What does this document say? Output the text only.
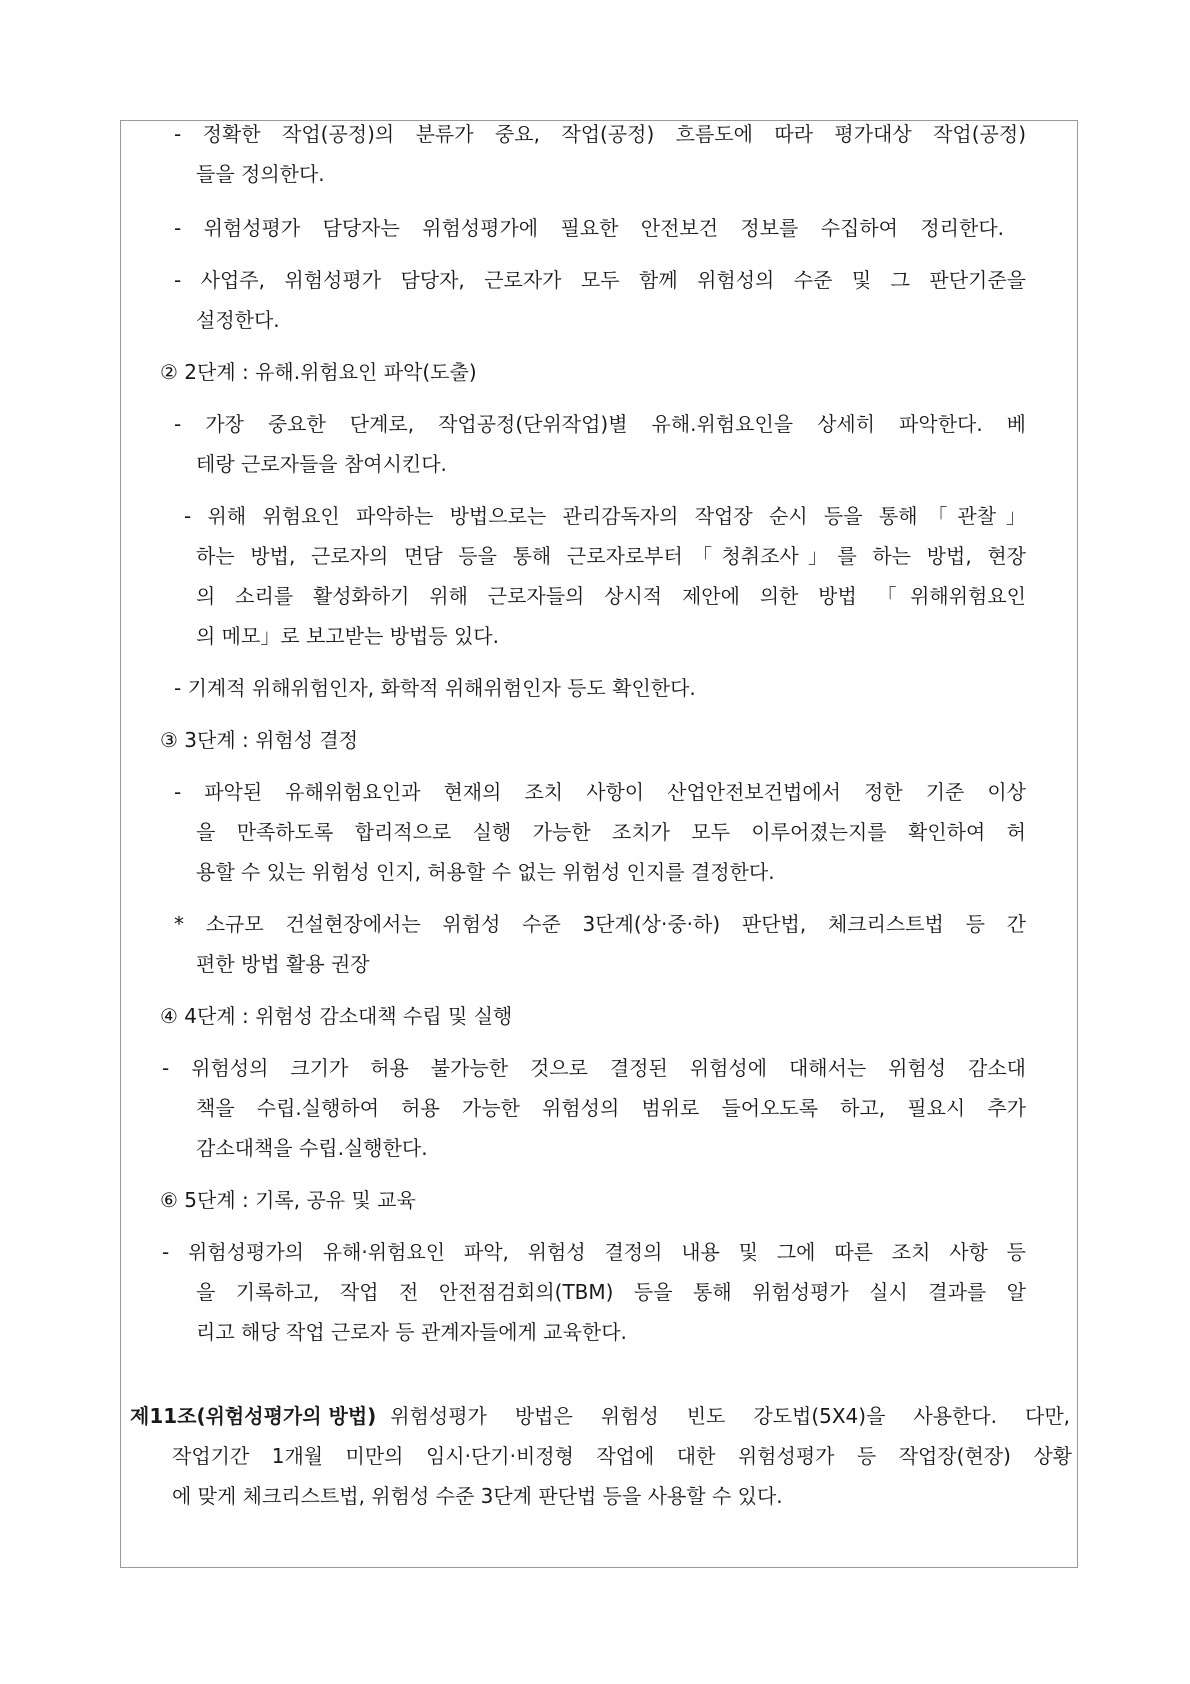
- 정확한 작업(공정)의 분류가 중요, 작업(공정) 흐름도에 따라 평가대상 작업(공정)
들을 정의한다.
- 위험성평가 담당자는 위험성평가에 필요한 안전보건 정보를 수집하여 정리한다.
- 사업주, 위험성평가 담당자, 근로자가 모두 함께 위험성의 수준 및 그 판단기준을
설정한다.
② 2단계 : 유해.위험요인 파악(도출)
- 가장 중요한 단계로, 작업공정(단위작업)별 유해.위험요인을 상세히 파악한다. 베
테랑 근로자들을 참여시킨다.
- 위해 위험요인 파악하는 방법으로는 관리감독자의 작업장 순시 등을 통해「관찰」
하는 방법, 근로자의 면담 등을 통해 근로자로부터「청취조사」를 하는 방법, 현장
의 소리를 활성화하기 위해 근로자들의 상시적 제안에 의한 방법 「위해위험요인
의 메모」로 보고받는 방법등 있다.
- 기계적 위해위험인자, 화학적 위해위험인자 등도 확인한다.
③ 3단계 : 위험성 결정
- 파악된 유해위험요인과 현재의 조치 사항이 산업안전보건법에서 정한 기준 이상
을 만족하도록 합리적으로 실행 가능한 조치가 모두 이루어졌는지를 확인하여 허
용할 수 있는 위험성 인지, 허용할 수 없는 위험성 인지를 결정한다.
* 소규모 건설현장에서는 위험성 수준 3단계(상·중·하) 판단법, 체크리스트법 등 간
편한 방법 활용 권장
④ 4단계 : 위험성 감소대책 수립 및 실행
- 위험성의 크기가 허용 불가능한 것으로 결정된 위험성에 대해서는 위험성 감소대
책을 수립.실행하여 허용 가능한 위험성의 범위로 들어오도록 하고, 필요시 추가
감소대책을 수립.실행한다.
⑥ 5단계 : 기록, 공유 및 교육
- 위험성평가의 유해·위험요인 파악, 위험성 결정의 내용 및 그에 따른 조치 사항 등
을 기록하고, 작업 전 안전점검회의(TBM) 등을 통해 위험성평가 실시 결과를 알
리고 해당 작업 근로자 등 관계자들에게 교육한다.
제11조(위험성평가의 방법) 위험성평가 방법은 위험성 빈도 강도법(5X4)을 사용한다. 다만,
작업기간 1개월 미만의 임시·단기·비정형 작업에 대한 위험성평가 등 작업장(현장) 상황
에 맞게 체크리스트법, 위험성 수준 3단계 판단법 등을 사용할 수 있다.
